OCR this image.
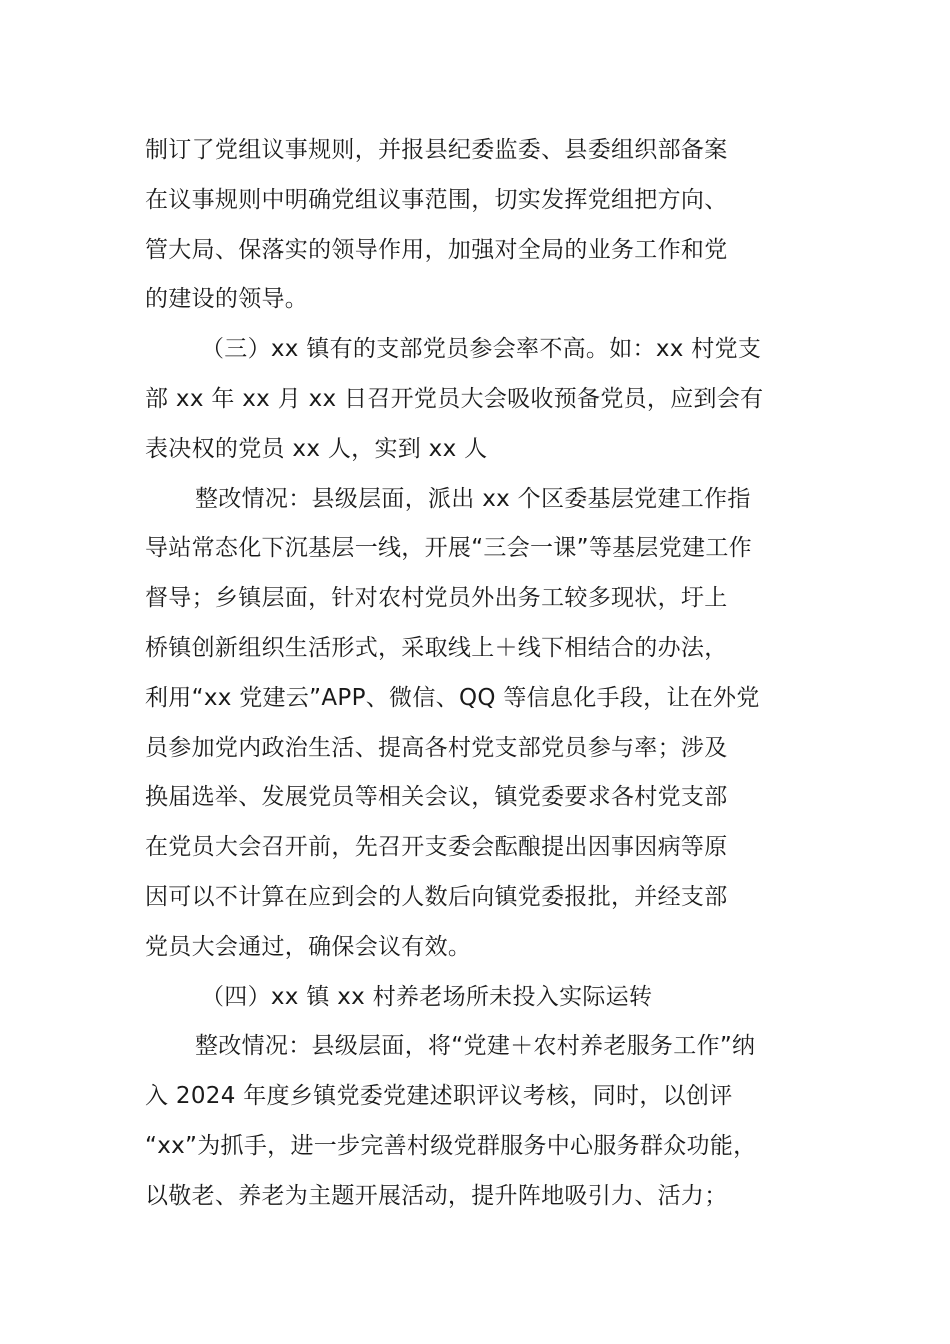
制订了党组议事规则，并报县纪委监委、县委组织部备案
在议事规则中明确党组议事范围，切实发挥党组把方向、
管大局、保落实的领导作用，加强对全局的业务工作和党
的建设的领导。
（三）xx 镇有的支部党员参会率不高。如：xx 村党支
部 xx 年 xx 月 xx 日召开党员大会吸收预备党员，应到会有
表决权的党员 xx 人，实到 xx 人
整改情况：县级层面，派出 xx 个区委基层党建工作指
导站常态化下沉基层一线，开展“三会一课”等基层党建工作
督导；乡镇层面，针对农村党员外出务工较多现状，圩上
桥镇创新组织生活形式，采取线上＋线下相结合的办法，
利用“xx 党建云”APP、微信、QQ 等信息化手段，让在外党
员参加党内政治生活、提高各村党支部党员参与率；涉及
换届选举、发展党员等相关会议，镇党委要求各村党支部
在党员大会召开前，先召开支委会酝酿提出因事因病等原
因可以不计算在应到会的人数后向镇党委报批，并经支部
党员大会通过，确保会议有效。
（四）xx 镇 xx 村养老场所未投入实际运转
整改情况：县级层面，将“党建＋农村养老服务工作”纳
入 2024 年度乡镇党委党建述职评议考核，同时，以创评
“xx”为抓手，进一步完善村级党群服务中心服务群众功能，
以敬老、养老为主题开展活动，提升阵地吸引力、活力；
